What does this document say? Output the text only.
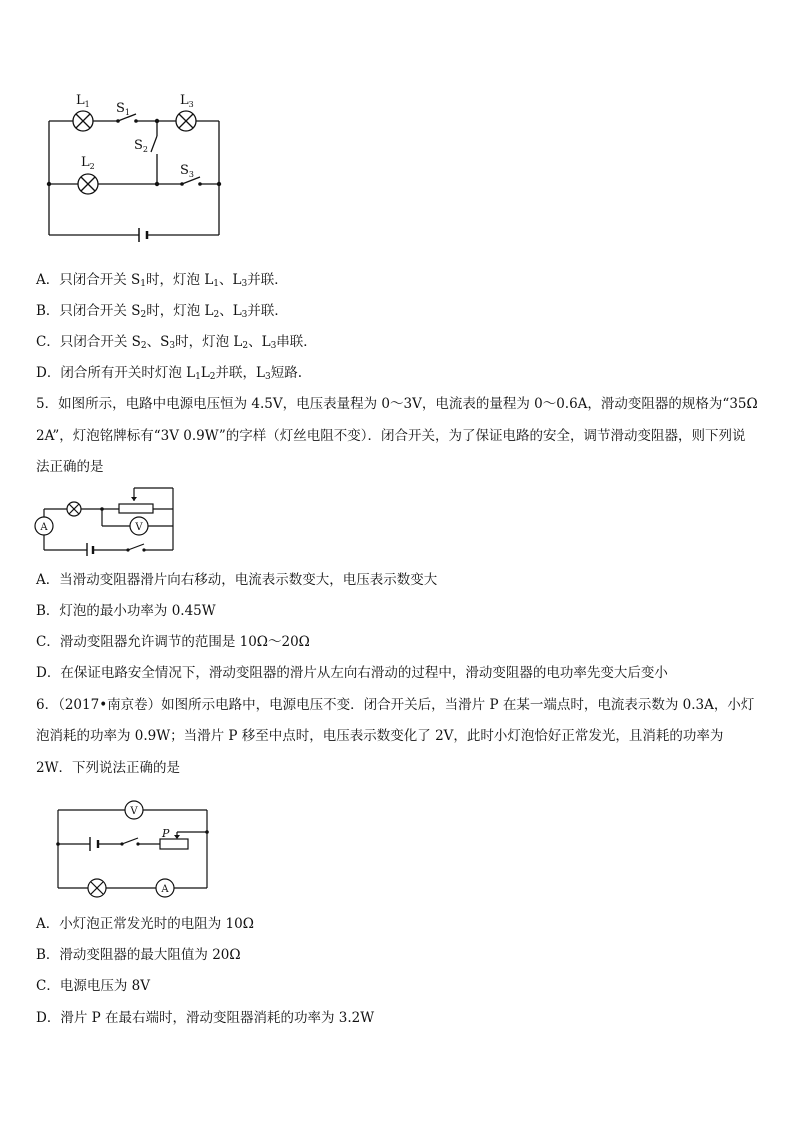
$L_1$ $S_1$
$L_3$
$L_2$
$S_2$
$S_3$
A．只闭合开关 $S_1$时，灯泡 $L_1$、$L_3$并联．
B．只闭合开关 $S_2$时，灯泡 $L_2$、$L_3$并联．
C．只闭合开关 $S_2$、$S_3$时，灯泡 $L_2$、$L_3$串联．
D．闭合所有开关时灯泡 $L_1L_2$并联，$L_3$短路.
5．如图所示，电路中电源电压恒为 4.5V，电压表量程为 0～3V，电流表的量程为 0～0.6A，滑动变阻器的规格为“35Ω
2A”，灯泡铭牌标有“3V 0.9W”的字样（灯丝电阻不变）．闭合开关，为了保证电路的安全，调节滑动变阻器，则下列说
法正确的是
A	V
A．当滑动变阻器滑片向右移动，电流表示数变大，电压表示数变大
B．灯泡的最小功率为 0.45W
C．滑动变阻器允许调节的范围是 10Ω～20Ω
D．在保证电路安全情况下，滑动变阻器的滑片从左向右滑动的过程中，滑动变阻器的电功率先变大后变小
6．（2017•南京卷）如图所示电路中，电源电压不变．闭合开关后，当滑片 P 在某一端点时，电流表示数为 0.3A，小灯
泡消耗的功率为 0.9W；当滑片 P 移至中点时，电压表示数变化了 2V，此时小灯泡恰好正常发光，且消耗的功率为
2W．下列说法正确的是
V
A
P
A．小灯泡正常发光时的电阻为 10Ω
B．滑动变阻器的最大阻值为 20Ω
C．电源电压为 8V
D．滑片 P 在最右端时，滑动变阻器消耗的功率为 3.2W
